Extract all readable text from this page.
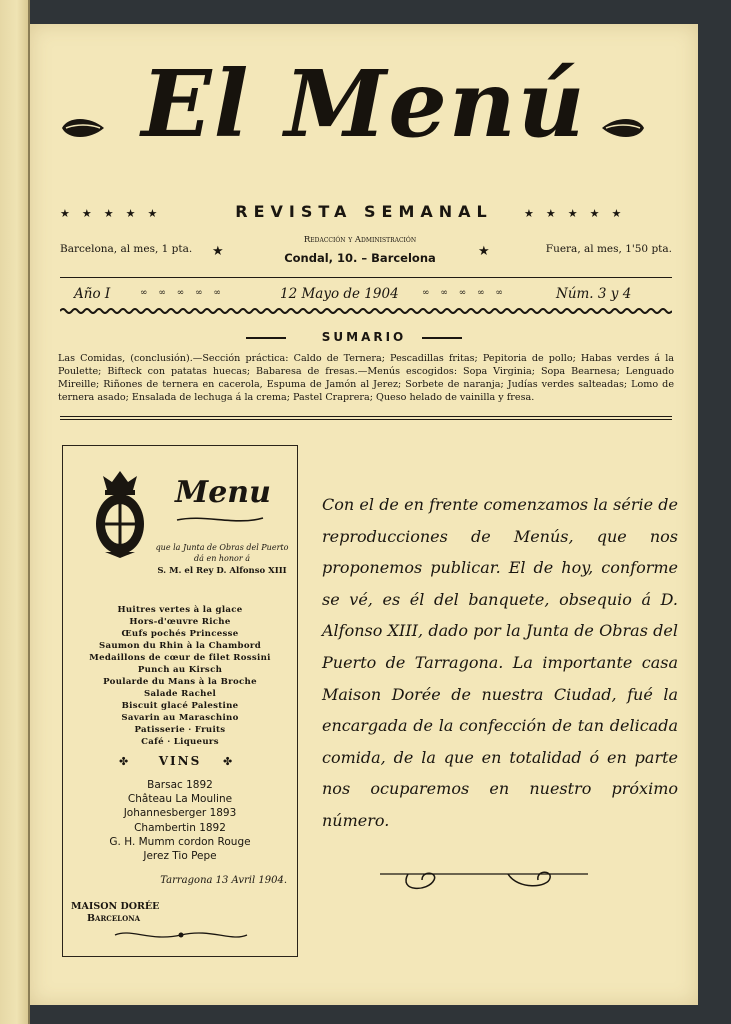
El Menú
★★★★★	REVISTA SEMANAL	★★★★★
Barcelona, al mes, 1 pta. ★
Redacción y Administración
Condal, 10. – Barcelona	★	Fuera, al mes, 1'50 pta.
Año I	∞ ∞ ∞ ∞ ∞	12 Mayo de 1904	∞ ∞ ∞ ∞ ∞	Núm. 3 y 4
SUMARIO
Las Comidas, (conclusión).—Sección práctica: Caldo de Ternera; Pescadillas fritas; Pepitoria de pollo; Habas verdes á la Poulette; Bifteck con patatas huecas; Babaresa de fresas.—Menús escogidos: Sopa Virginia; Sopa Bearnesa; Lenguado Mireille; Riñones de ternera en cacerola, Espuma de Jamón al Jerez; Sorbete de naranja; Judías verdes salteadas; Lomo de ternera asado; Ensalada de lechuga á la crema; Pastel Craprera; Queso helado de vainilla y fresa.
Menu
que la Junta de Obras del Puerto dá en honor á
S. M. el Rey D. Alfonso XIII
Huitres vertes à la glace
Hors-d'œuvre Riche
Œufs pochés Princesse
Saumon du Rhin à la Chambord
Medaillons de cœur de filet Rossini
Punch au Kirsch
Poularde du Mans à la Broche
Salade Rachel
Biscuit glacé Palestine
Savarin au Maraschino
Patisserie · Fruits
Café · Liqueurs
✤	VINS	✤
Barsac 1892
Château La Mouline
Johannesberger 1893
Chambertin 1892
G. H. Mumm cordon Rouge
Jerez Tio Pepe
Tarragona 13 Avril 1904.
MAISON DORÉE
Barcelona
Con el de en frente comenzamos la série de reproducciones de Menús, que nos proponemos publicar. El de hoy, conforme se vé, es él del banquete, obsequio á D. Alfonso XIII, dado por la Junta de Obras del Puerto de Tarragona. La importante casa Maison Dorée de nuestra Ciudad, fué la encargada de la confección de tan delicada comida, de la que en totalidad ó en parte nos ocuparemos en nuestro próximo número.
